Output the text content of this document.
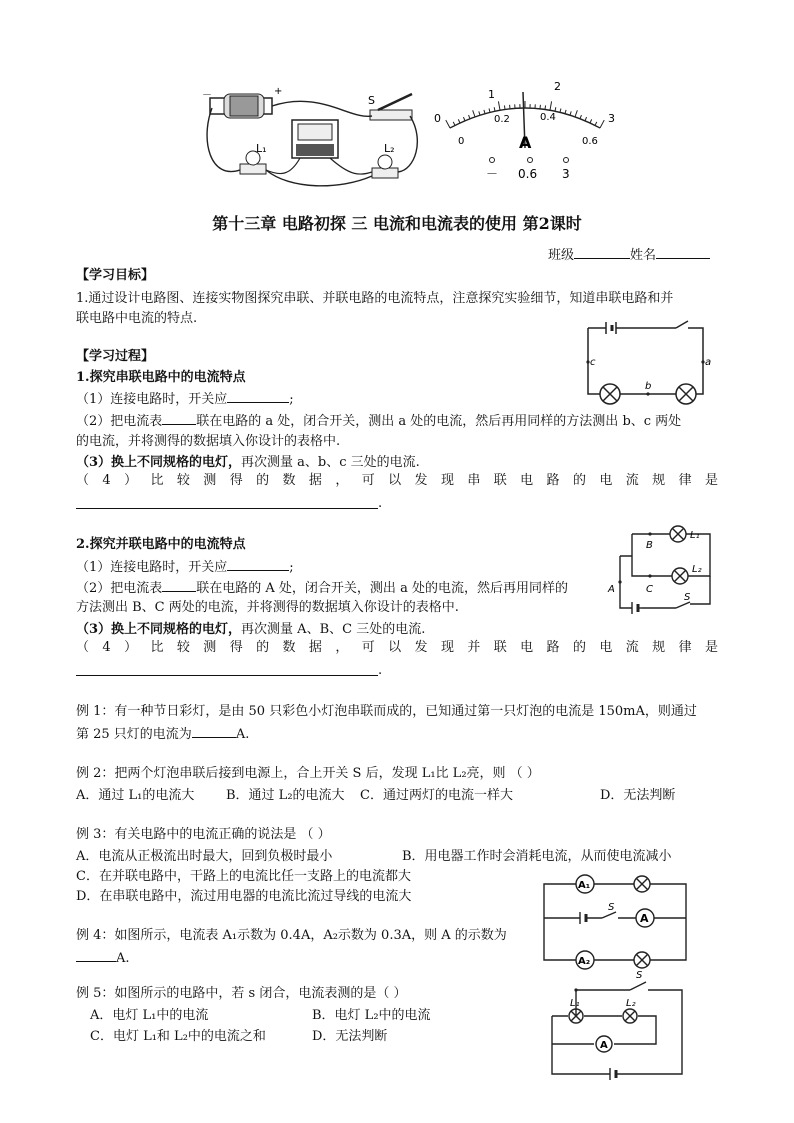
－	+
S
L₁	L₂
0
1
2
3
0
0.2	0.4
0.6
A
－ 0.6 3
第十三章 电路初探 三 电流和电流表的使用 第2课时
班级	姓名
【学习目标】
1.通过设计电路图、连接实物图探究串联、并联电路的电流特点，注意探究实验细节，知道串联电路和并
联电路中电流的特点.
c
b
a
【学习过程】
1.探究串联电路中的电流特点
（1）连接电路时，开关应	;
（2）把电流表	联在电路的 a 处，闭合开关，测出 a 处的电流，然后再用同样的方法测出 b、c 两处
的电流，并将测得的数据填入你设计的表格中.
（3）换上不同规格的电灯，再次测量 a、b、c 三处的电流.
（4）比较测得的数据，可以发现串联电路的电流规律是
.
B
L₁
L₂
A	C
S
2.探究并联电路中的电流特点
（1）连接电路时，开关应	;
（2）把电流表	联在电路的 A 处，闭合开关，测出 a 处的电流，然后再用同样的
方法测出 B、C 两处的电流，并将测得的数据填入你设计的表格中.
（3）换上不同规格的电灯，再次测量 A、B、C 三处的电流.
（4）比较测得的数据，可以发现并联电路的电流规律是
.
例 1：有一种节日彩灯，是由 50 只彩色小灯泡串联而成的，已知通过第一只灯泡的电流是 150mA，则通过
第 25 只灯的电流为	A.
例 2：把两个灯泡串联后接到电源上，合上开关 S 后，发现 L₁比 L₂亮，则 （ ）
A．通过 L₁的电流大 B．通过 L₂的电流大 C．通过两灯的电流一样大	D．无法判断
例 3：有关电路中的电流正确的说法是 （ ）
A．电流从正极流出时最大，回到负极时最小	B．用电器工作时会消耗电流，从而使电流减小
C．在并联电路中，干路上的电流比任一支路上的电流都大
D．在串联电路中，流过用电器的电流比流过导线的电流大
A₁
S
A
A₂
例 4：如图所示，电流表 A₁示数为 0.4A，A₂示数为 0.3A，则 A 的示数为
A.
S
L₁	L₂
A
例 5：如图所示的电路中，若 s 闭合，电流表测的是（ ）
A．电灯 L₁中的电流	B．电灯 L₂中的电流
C．电灯 L₁和 L₂中的电流之和	D．无法判断
